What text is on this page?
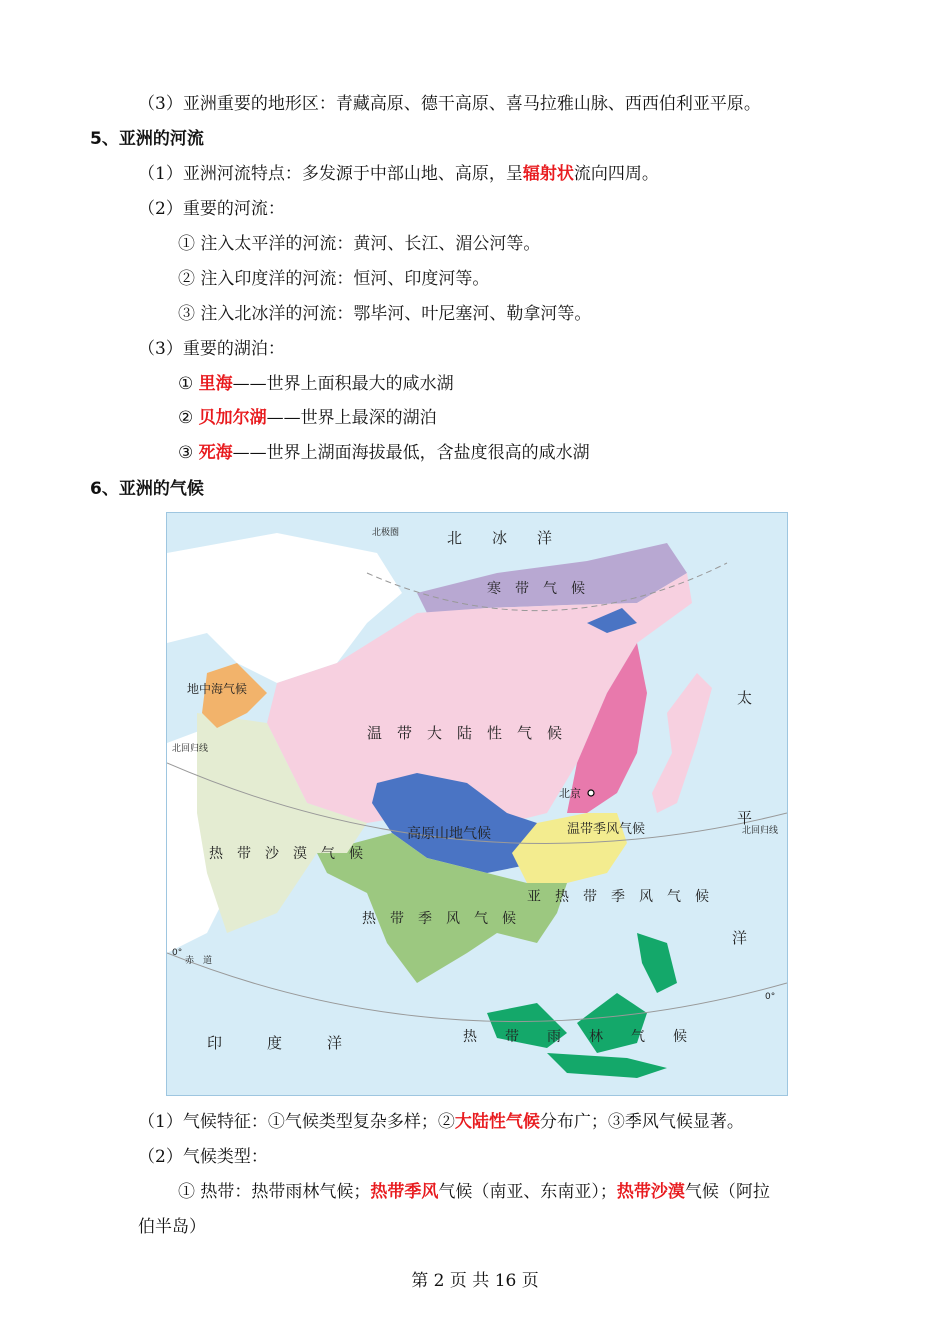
（3）亚洲重要的地形区：青藏高原、德干高原、喜马拉雅山脉、西西伯利亚平原。
5、亚洲的河流
（1）亚洲河流特点：多发源于中部山地、高原，呈辐射状流向四周。
（2）重要的河流：
① 注入太平洋的河流：黄河、长江、湄公河等。
② 注入印度洋的河流：恒河、印度河等。
③ 注入北冰洋的河流：鄂毕河、叶尼塞河、勒拿河等。
（3）重要的湖泊：
① 里海——世界上面积最大的咸水湖
② 贝加尔湖——世界上最深的湖泊
③ 死海——世界上湖面海拔最低，含盐度很高的咸水湖
6、亚洲的气候
北　　冰　　洋
太
平
洋
印　　　度　　　洋
北极圈
北回归线
北回归线
赤　道
0°
0°
寒　带　气　候
温　带　大　陆　性　气　候
高原山地气候	温带季风气候
亚　热　带　季　风　气　候
热　带　季　风　气　候
热　带　沙　漠　气　候
热　　带　　雨　　林　　气　　候
地中海气候
北京
（1）气候特征：①气候类型复杂多样；②大陆性气候分布广；③季风气候显著。
（2）气候类型：
① 热带：热带雨林气候；热带季风气候（南亚、东南亚）；热带沙漠气候（阿拉
伯半岛）
第 2 页 共 16 页
